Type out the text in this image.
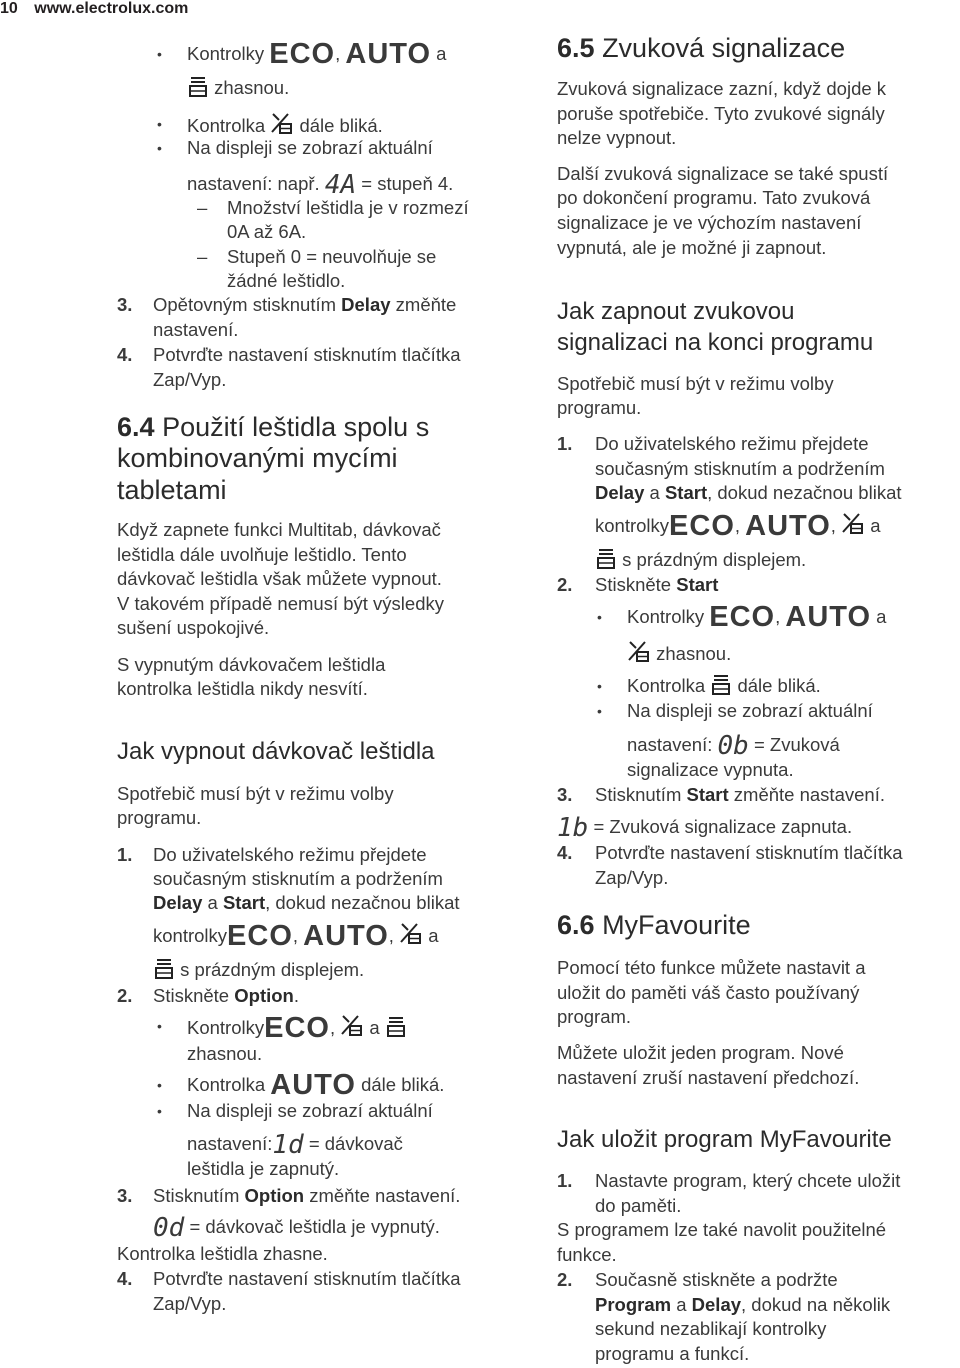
10 www.electrolux.com
• Kontrolky ECO, AUTO a
zhasnou.
• Kontrolka dále bliká.
• Na displeji se zobrazí aktuální
nastavení: např. 4A = stupeň 4.
– Množství leštidla je v rozmezí
0A až 6A.
– Stupeň 0 = neuvolňuje se
žádné leštidlo.
3. Opětovným stisknutím Delay změňte
nastavení.
4. Potvrďte nastavení stisknutím tlačítka
Zap/Vyp.
6.4 Použití leštidla spolu s
kombinovanými mycími
tabletami
Když zapnete funkci Multitab, dávkovač
leštidla dále uvolňuje leštidlo. Tento
dávkovač leštidla však můžete vypnout.
V takovém případě nemusí být výsledky
sušení uspokojivé.
S vypnutým dávkovačem leštidla
kontrolka leštidla nikdy nesvítí.
Jak vypnout dávkovač leštidla
Spotřebič musí být v režimu volby
programu.
1. Do uživatelského režimu přejdete
současným stisknutím a podržením
Delay a Start, dokud nezačnou blikat
kontrolkyECO, AUTO,  a
s prázdným displejem.
2. Stiskněte Option.
• KontrolkyECO,  a
zhasnou.
• Kontrolka AUTO dále bliká.
• Na displeji se zobrazí aktuální
nastavení:1d = dávkovač
leštidla je zapnutý.
3. Stisknutím Option změňte nastavení.
0d = dávkovač leštidla je vypnutý.
Kontrolka leštidla zhasne.
4. Potvrďte nastavení stisknutím tlačítka
Zap/Vyp.
6.5 Zvuková signalizace
Zvuková signalizace zazní, když dojde k
poruše spotřebiče. Tyto zvukové signály
nelze vypnout.
Další zvuková signalizace se také spustí
po dokončení programu. Tato zvuková
signalizace je ve výchozím nastavení
vypnutá, ale je možné ji zapnout.
Jak zapnout zvukovou
signalizaci na konci programu
Spotřebič musí být v režimu volby
programu.
1. Do uživatelského režimu přejdete
současným stisknutím a podržením
Delay a Start, dokud nezačnou blikat
kontrolkyECO, AUTO,  a
s prázdným displejem.
2. Stiskněte Start
• Kontrolky ECO, AUTO a
zhasnou.
• Kontrolka dále bliká.
• Na displeji se zobrazí aktuální
nastavení: 0b = Zvuková
signalizace vypnuta.
3. Stisknutím Start změňte nastavení.
1b = Zvuková signalizace zapnuta.
4. Potvrďte nastavení stisknutím tlačítka
Zap/Vyp.
6.6 MyFavourite
Pomocí této funkce můžete nastavit a
uložit do paměti váš často používaný
program.
Můžete uložit jeden program. Nové
nastavení zruší nastavení předchozí.
Jak uložit program MyFavourite
1. Nastavte program, který chcete uložit
do paměti.
S programem lze také navolit použitelné
funkce.
2. Současně stiskněte a podržte
Program a Delay, dokud na několik
sekund nezablikají kontrolky
programu a funkcí.
